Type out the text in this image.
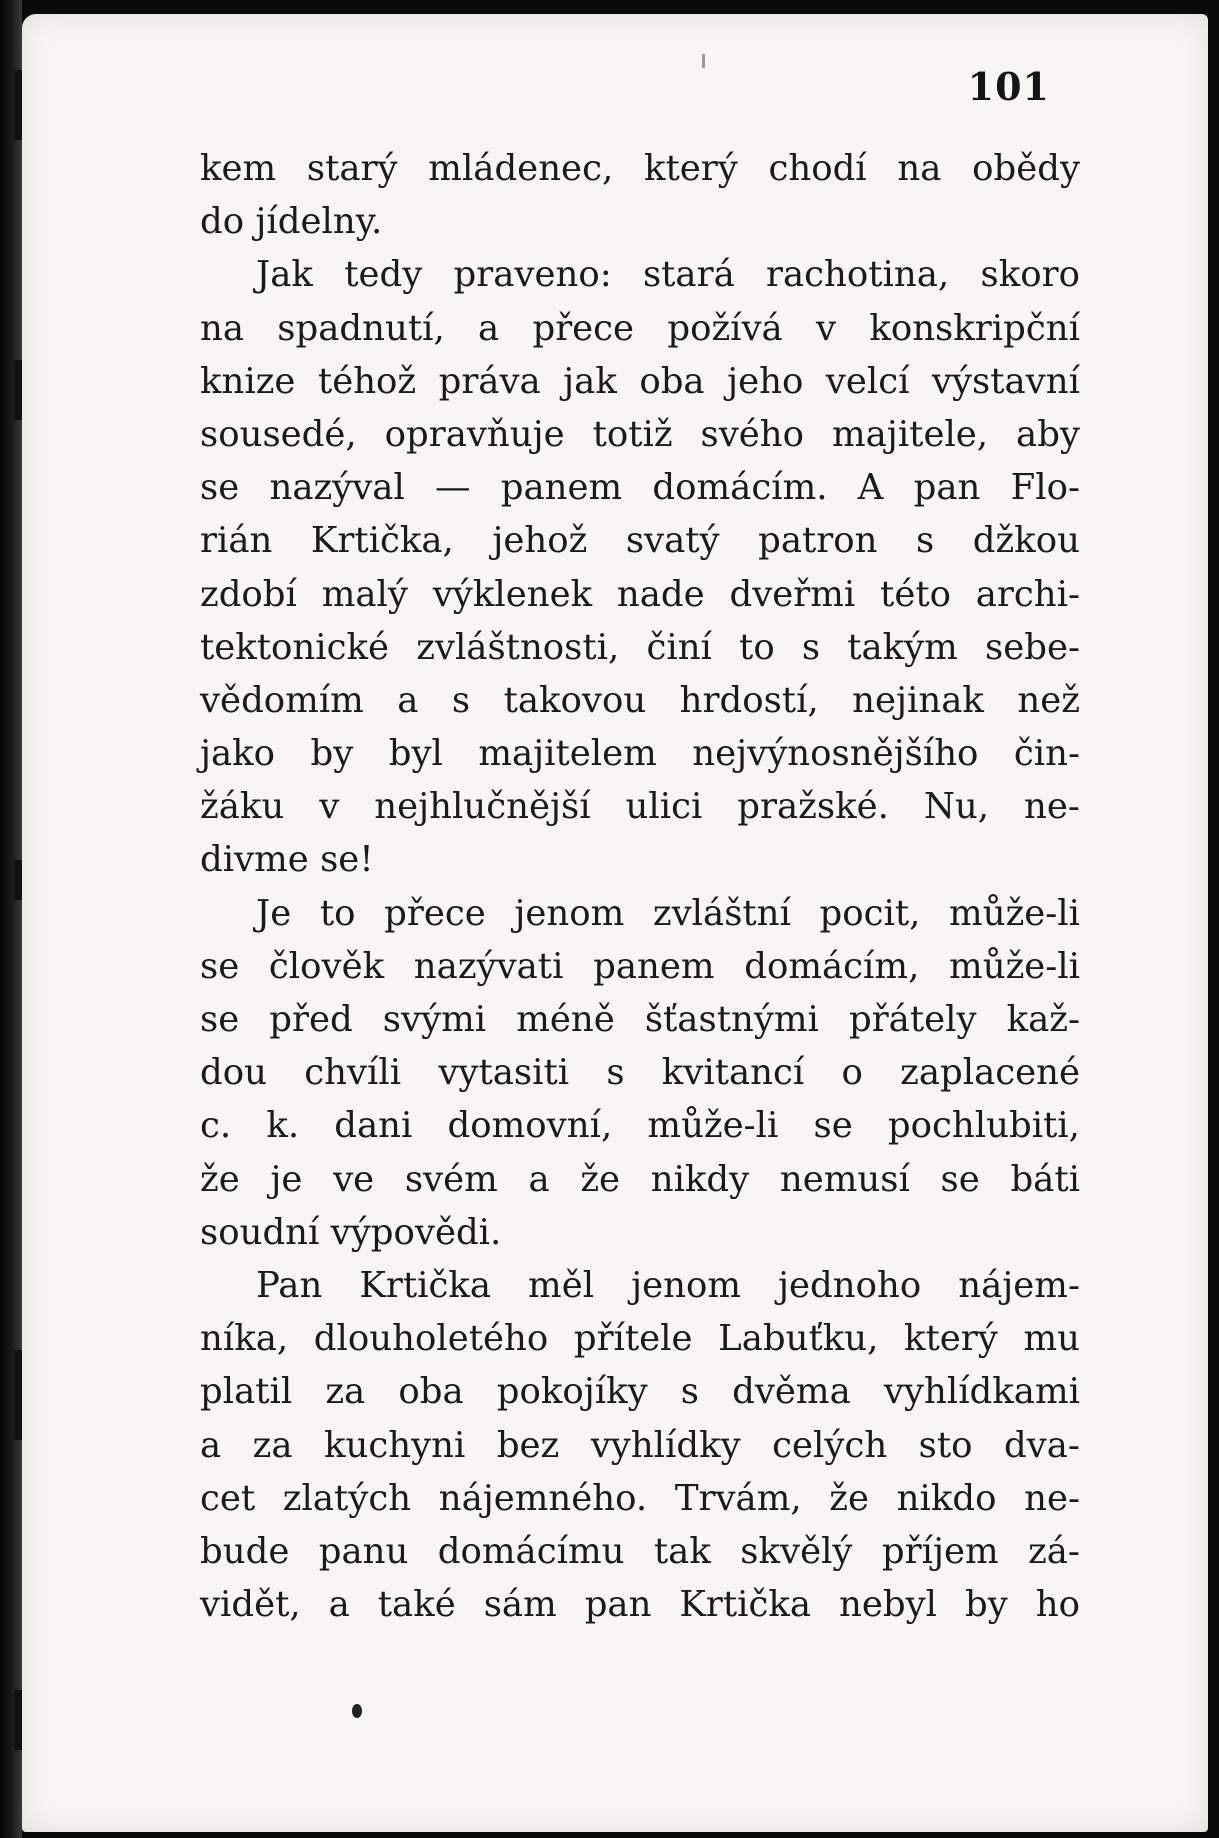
101
kem starý mládenec, který chodí na obědy
do jídelny.
Jak tedy praveno: stará rachotina, skoro
na spadnutí, a přece požívá v konskripční
knize téhož práva jak oba jeho velcí výstavní
sousedé, opravňuje totiž svého majitele, aby
se nazýval — panem domácím. A pan Flo-
rián Krtička, jehož svatý patron s džkou
zdobí malý výklenek nade dveřmi této archi-
tektonické zvláštnosti, činí to s takým sebe-
vědomím a s takovou hrdostí, nejinak než
jako by byl majitelem nejvýnosnějšího čin-
žáku v nejhlučnější ulici pražské. Nu, ne-
divme se!
Je to přece jenom zvláštní pocit, může-li
se člověk nazývati panem domácím, může-li
se před svými méně šťastnými přátely kaž-
dou chvíli vytasiti s kvitancí o zaplacené
c. k. dani domovní, může-li se pochlubiti,
že je ve svém a že nikdy nemusí se báti
soudní výpovědi.
Pan Krtička měl jenom jednoho nájem-
níka, dlouholetého přítele Labuťku, který mu
platil za oba pokojíky s dvěma vyhlídkami
a za kuchyni bez vyhlídky celých sto dva-
cet zlatých nájemného. Trvám, že nikdo ne-
bude panu domácímu tak skvělý příjem zá-
vidět, a také sám pan Krtička nebyl by ho
